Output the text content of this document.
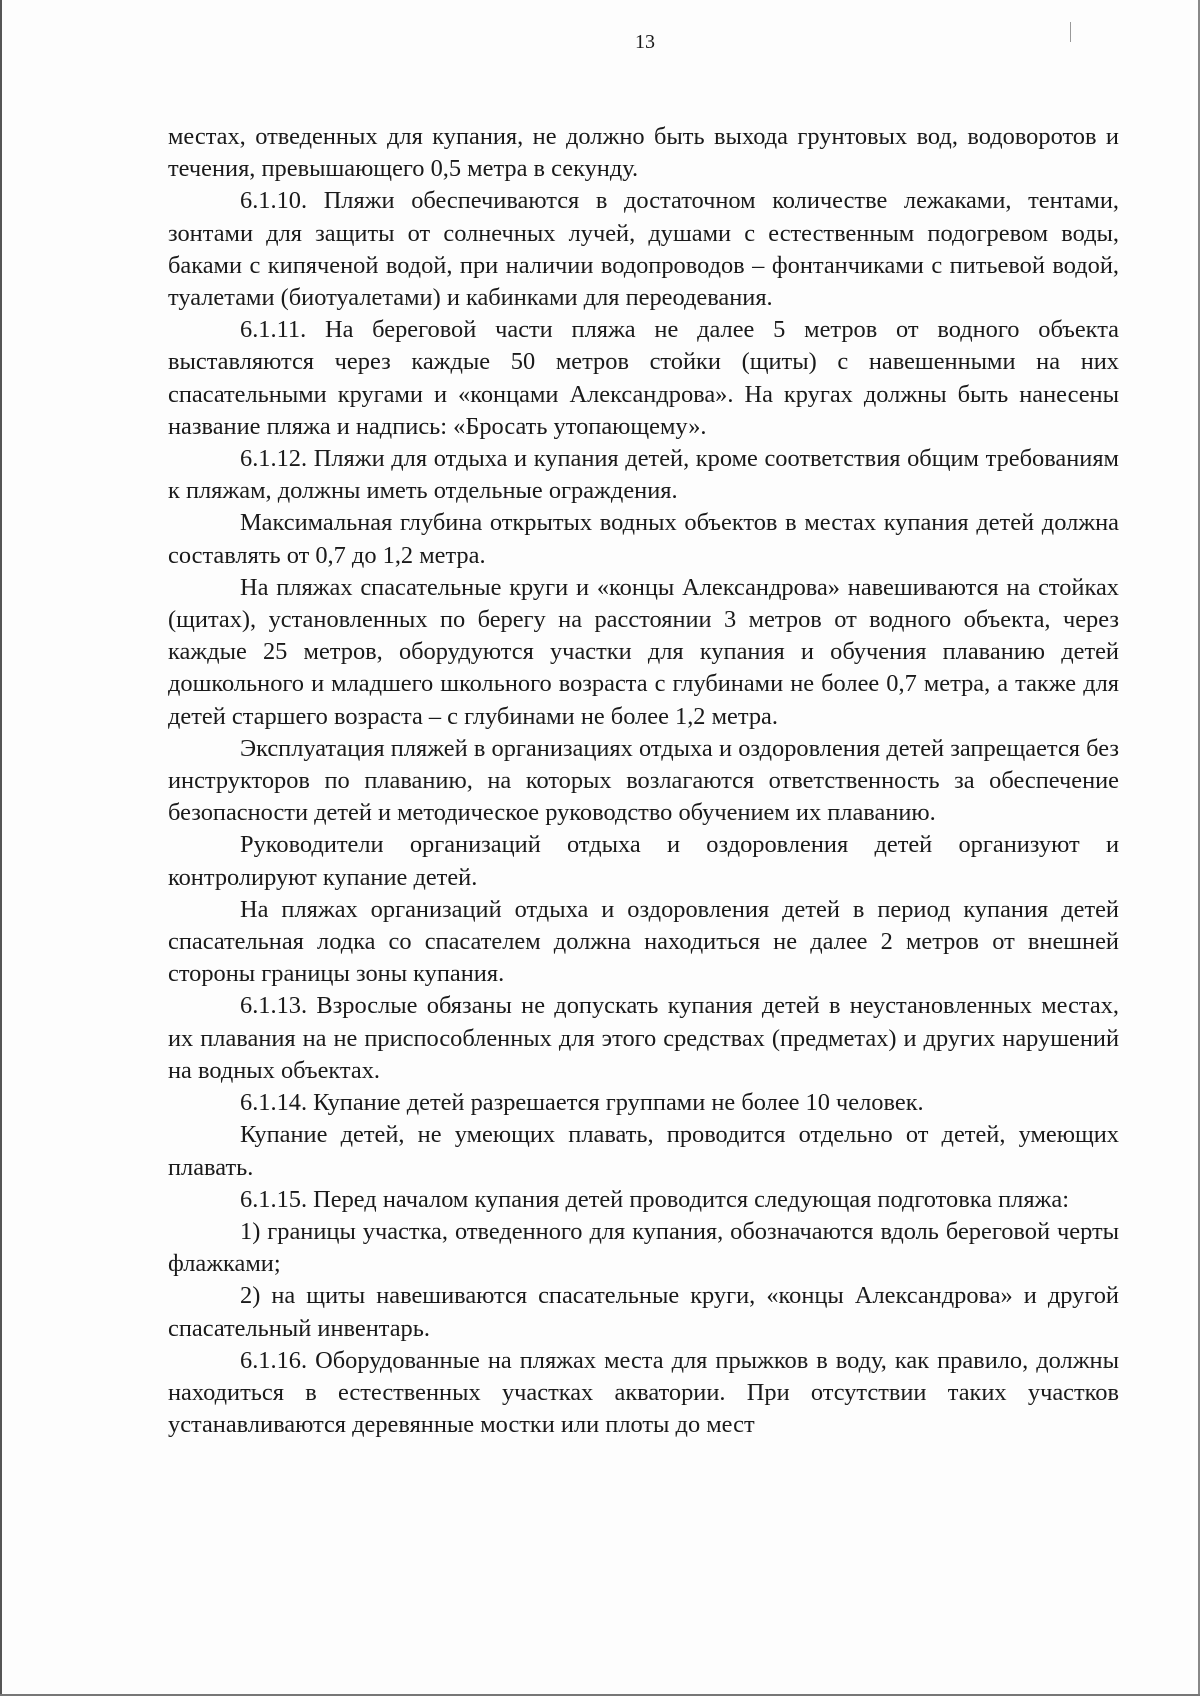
13

местах, отведенных для купания, не должно быть выхода грунтовых вод, водоворотов и течения, превышающего 0,5 метра в секунду.

6.1.10. Пляжи обеспечиваются в достаточном количестве лежаками, тентами, зонтами для защиты от солнечных лучей, душами с естественным подогревом воды, баками с кипяченой водой, при наличии водопроводов – фонтанчиками с питьевой водой, туалетами (биотуалетами) и кабинками для переодевания.

6.1.11. На береговой части пляжа не далее 5 метров от водного объекта выставляются через каждые 50 метров стойки (щиты) с навешенными на них спасательными кругами и «концами Александрова». На кругах должны быть нанесены название пляжа и надпись: «Бросать утопающему».

6.1.12. Пляжи для отдыха и купания детей, кроме соответствия общим требованиям к пляжам, должны иметь отдельные ограждения.

Максимальная глубина открытых водных объектов в местах купания детей должна составлять от 0,7 до 1,2 метра.

На пляжах спасательные круги и «концы Александрова» навешиваются на стойках (щитах), установленных по берегу на расстоянии 3 метров от водного объекта, через каждые 25 метров, оборудуются участки для купания и обучения плаванию детей дошкольного и младшего школьного возраста с глубинами не более 0,7 метра, а также для детей старшего возраста – с глубинами не более 1,2 метра.

Эксплуатация пляжей в организациях отдыха и оздоровления детей запрещается без инструкторов по плаванию, на которых возлагаются ответственность за обеспечение безопасности детей и методическое руководство обучением их плаванию.

Руководители организаций отдыха и оздоровления детей организуют и контролируют купание детей.

На пляжах организаций отдыха и оздоровления детей в период купания детей спасательная лодка со спасателем должна находиться не далее 2 метров от внешней стороны границы зоны купания.

6.1.13. Взрослые обязаны не допускать купания детей в неустановленных местах, их плавания на не приспособленных для этого средствах (предметах) и других нарушений на водных объектах.

6.1.14. Купание детей разрешается группами не более 10 человек.

Купание детей, не умеющих плавать, проводится отдельно от детей, умеющих плавать.

6.1.15. Перед началом купания детей проводится следующая подготовка пляжа:

1) границы участка, отведенного для купания, обозначаются вдоль береговой черты флажками;

2) на щиты навешиваются спасательные круги, «концы Александрова» и другой спасательный инвентарь.

6.1.16. Оборудованные на пляжах места для прыжков в воду, как правило, должны находиться в естественных участках акватории. При отсутствии таких участков устанавливаются деревянные мостки или плоты до мест
